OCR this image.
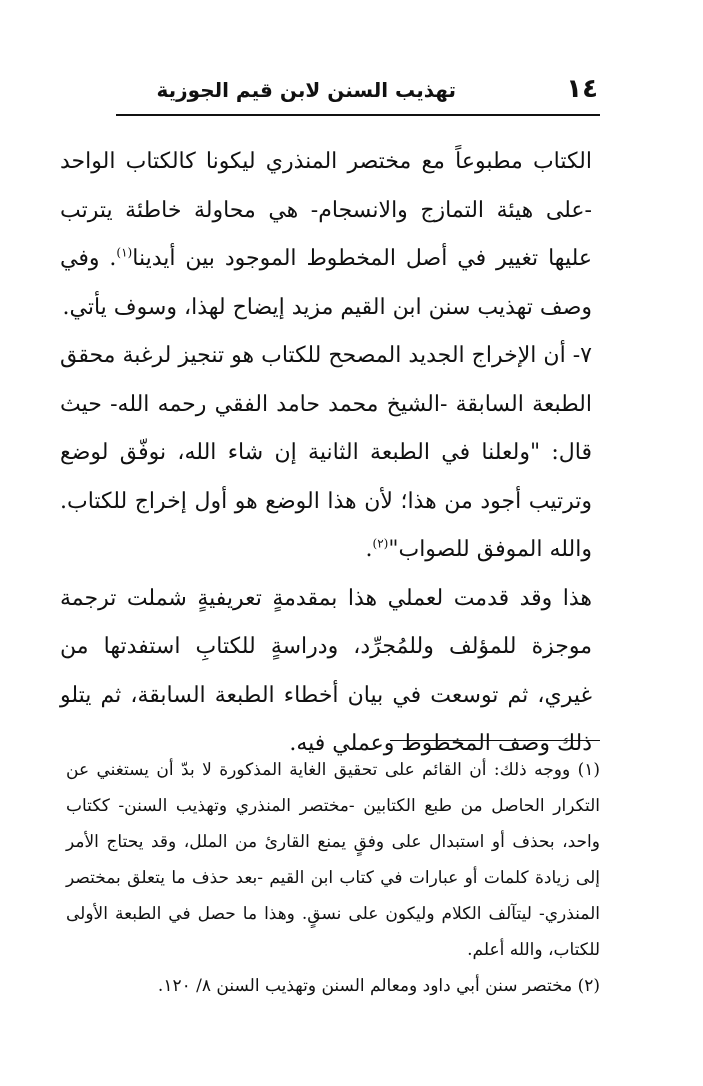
١٤
تهذيب السنن لابن قيم الجوزية

الكتاب مطبوعاً مع مختصر المنذري ليكونا كالكتاب الواحد -على هيئة التمازج والانسجام- هي محاولة خاطئة يترتب عليها تغيير في أصل المخطوط الموجود بين أيدينا$^{(١)}$. وفي وصف تهذيب سنن ابن القيم مزيد إيضاح لهذا، وسوف يأتي.

٧- أن الإخراج الجديد المصحح للكتاب هو تنجيز لرغبة محقق الطبعة السابقة -الشيخ محمد حامد الفقي رحمه الله- حيث قال: "ولعلنا في الطبعة الثانية إن شاء الله، نوفّق لوضع وترتيب أجود من هذا؛ لأن هذا الوضع هو أول إخراج للكتاب. والله الموفق للصواب"$^{(٢)}$.

هذا وقد قدمت لعملي هذا بمقدمةٍ تعريفيةٍ شملت ترجمة موجزة للمؤلف وللمُجرِّد، ودراسةٍ للكتابِ استفدتها من غيري، ثم توسعت في بيان أخطاء الطبعة السابقة، ثم يتلو ذلك وصف المخطوط وعملي فيه.

(١) ووجه ذلك: أن القائم على تحقيق الغاية المذكورة لا بدّ أن يستغني عن التكرار الحاصل من طبع الكتابين -مختصر المنذري وتهذيب السنن- ككتاب واحد، بحذف أو استبدال على وفقٍ يمنع القارئ من الملل، وقد يحتاج الأمر إلى زيادة كلمات أو عبارات في كتاب ابن القيم -بعد حذف ما يتعلق بمختصر المنذري- ليتآلف الكلام وليكون على نسقٍ. وهذا ما حصل في الطبعة الأولى للكتاب، والله أعلم.

(٢) مختصر سنن أبي داود ومعالم السنن وتهذيب السنن ٨/ ١٢٠.
